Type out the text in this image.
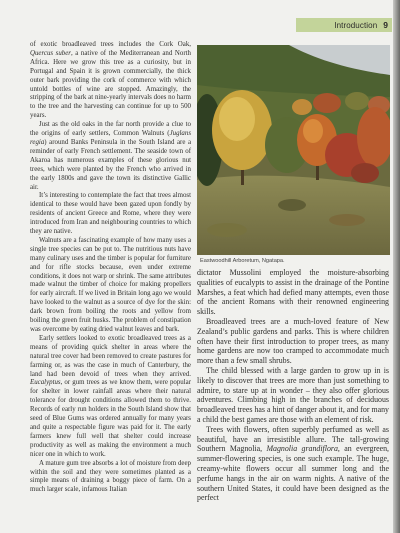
Introduction 9

of exotic broadleaved trees includes the Cork Oak, Quercus suber, a native of the Mediterranean and North Africa. Here we grow this tree as a curiosity, but in Portugal and Spain it is grown commercially, the thick outer bark providing the cork of commerce with which untold bottles of wine are stopped. Amazingly, the stripping of the bark at nine-yearly intervals does no harm to the tree and the harvesting can continue for up to 500 years.

Just as the old oaks in the far north provide a clue to the origins of early settlers, Common Walnuts (Juglans regia) around Banks Peninsula in the South Island are a reminder of early French settlement. The seaside town of Akaroa has numerous examples of these glorious nut trees, which were planted by the French who arrived in the early 1800s and gave the town its distinctive Gallic air.

It’s interesting to contemplate the fact that trees almost identical to these would have been gazed upon fondly by residents of ancient Greece and Rome, where they were introduced from Iran and neighbouring countries to which they are native.

Walnuts are a fascinating example of how many uses a single tree species can be put to. The nutritious nuts have many culinary uses and the timber is popular for furniture and for rifle stocks because, even under extreme conditions, it does not warp or shrink. The same attributes made walnut the timber of choice for making propellers for early aircraft. If we lived in Britain long ago we would have looked to the walnut as a source of dye for the skin: dark brown from boiling the roots and yellow from boiling the green fruit husks. The problem of constipation was overcome by eating dried walnut leaves and bark.

Early settlers looked to exotic broadleaved trees as a means of providing quick shelter in areas where the natural tree cover had been removed to create pastures for farming or, as was the case in much of Canterbury, the land had been devoid of trees when they arrived. Eucalyptus, or gum trees as we know them, were popular for shelter in lower rainfall areas where their natural tolerance for drought conditions allowed them to thrive. Records of early run holders in the South Island show that seed of Blue Gums was ordered annually for many years and quite a respectable figure was paid for it. The early farmers knew full well that shelter could increase productivity as well as making the environment a much nicer one in which to work.

A mature gum tree absorbs a lot of moisture from deep within the soil and they were sometimes planted as a simple means of draining a boggy piece of farm. On a much larger scale, infamous Italian

Eastwoodhill Arboretum, Ngatapa.

dictator Mussolini employed the moisture-absorbing qualities of eucalypts to assist in the drainage of the Pontine Marshes, a feat which had defied many attempts, even those of the ancient Romans with their renowned engineering skills.

Broadleaved trees are a much-loved feature of New Zealand’s public gardens and parks. This is where children often have their first introduction to proper trees, as many home gardens are now too cramped to accommodate much more than a few small shrubs.

The child blessed with a large garden to grow up in is likely to discover that trees are more than just something to admire, to stare up at in wonder – they also offer glorious adventures. Climbing high in the branches of deciduous broadleaved trees has a hint of danger about it, and for many a child the best games are those with an element of risk.

Trees with flowers, often superbly perfumed as well as beautiful, have an irresistible allure. The tall-growing Southern Magnolia, Magnolia grandiflora, an evergreen, summer-flowering species, is one such example. The huge, creamy-white flowers occur all summer long and the perfume hangs in the air on warm nights. A native of the southern United States, it could have been designed as the perfect
